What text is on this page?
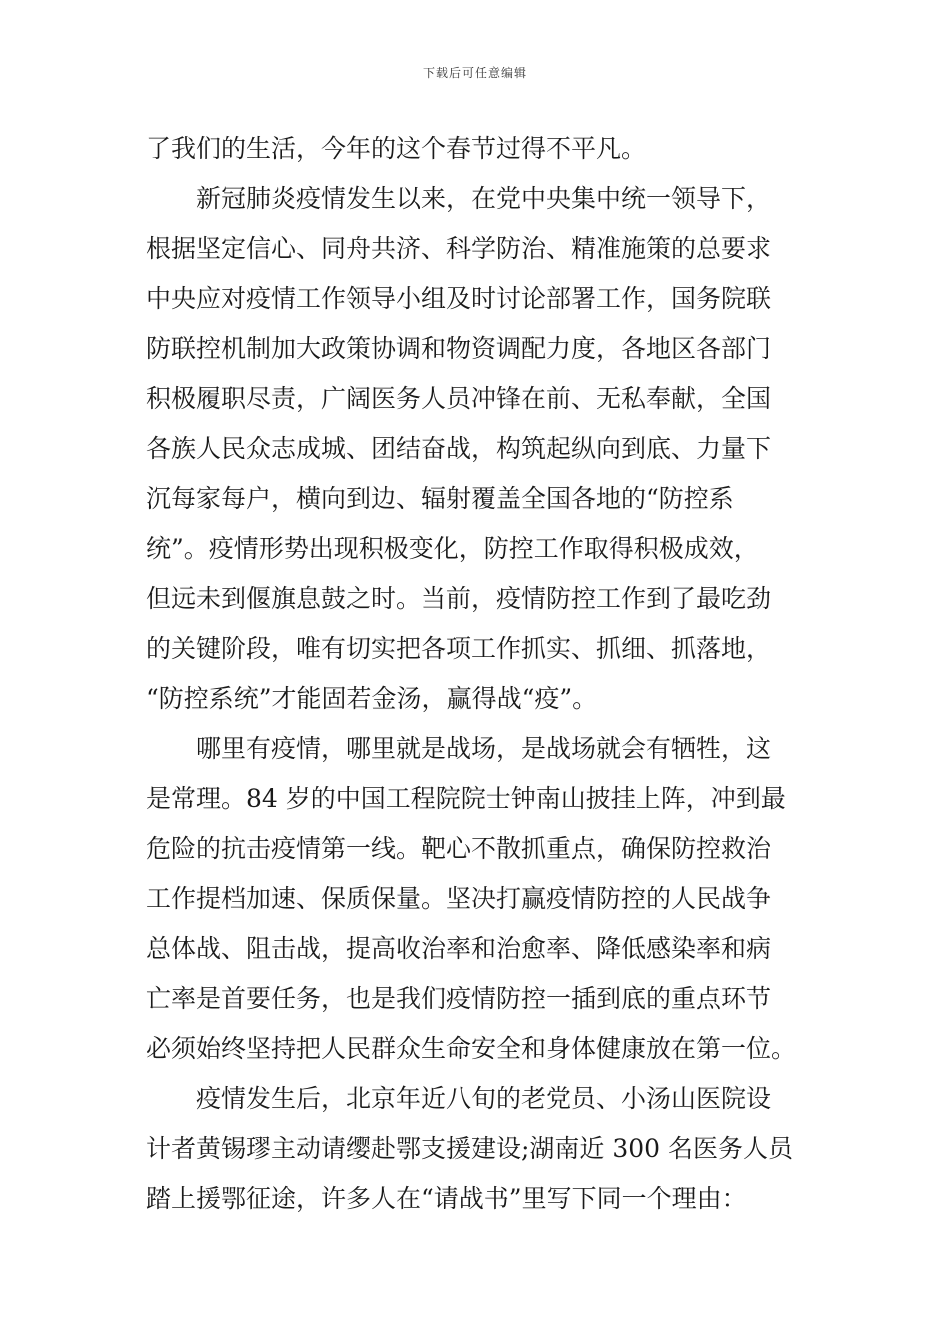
下载后可任意编辑
了我们的生活，今年的这个春节过得不平凡。
新冠肺炎疫情发生以来，在党中央集中统一领导下，
根据坚定信心、同舟共济、科学防治、精准施策的总要求
中央应对疫情工作领导小组及时讨论部署工作，国务院联
防联控机制加大政策协调和物资调配力度，各地区各部门
积极履职尽责，广阔医务人员冲锋在前、无私奉献，全国
各族人民众志成城、团结奋战，构筑起纵向到底、力量下
沉每家每户，横向到边、辐射覆盖全国各地的“防控系
统”。疫情形势出现积极变化，防控工作取得积极成效，
但远未到偃旗息鼓之时。当前，疫情防控工作到了最吃劲
的关键阶段，唯有切实把各项工作抓实、抓细、抓落地，
“防控系统”才能固若金汤，赢得战“疫”。
哪里有疫情，哪里就是战场，是战场就会有牺牲，这
是常理。84 岁的中国工程院院士钟南山披挂上阵，冲到最
危险的抗击疫情第一线。靶心不散抓重点，确保防控救治
工作提档加速、保质保量。坚决打赢疫情防控的人民战争
总体战、阻击战，提高收治率和治愈率、降低感染率和病
亡率是首要任务，也是我们疫情防控一插到底的重点环节
必须始终坚持把人民群众生命安全和身体健康放在第一位。
疫情发生后，北京年近八旬的老党员、小汤山医院设
计者黄锡璆主动请缨赴鄂支援建设;湖南近 300 名医务人员
踏上援鄂征途，许多人在“请战书”里写下同一个理由：
